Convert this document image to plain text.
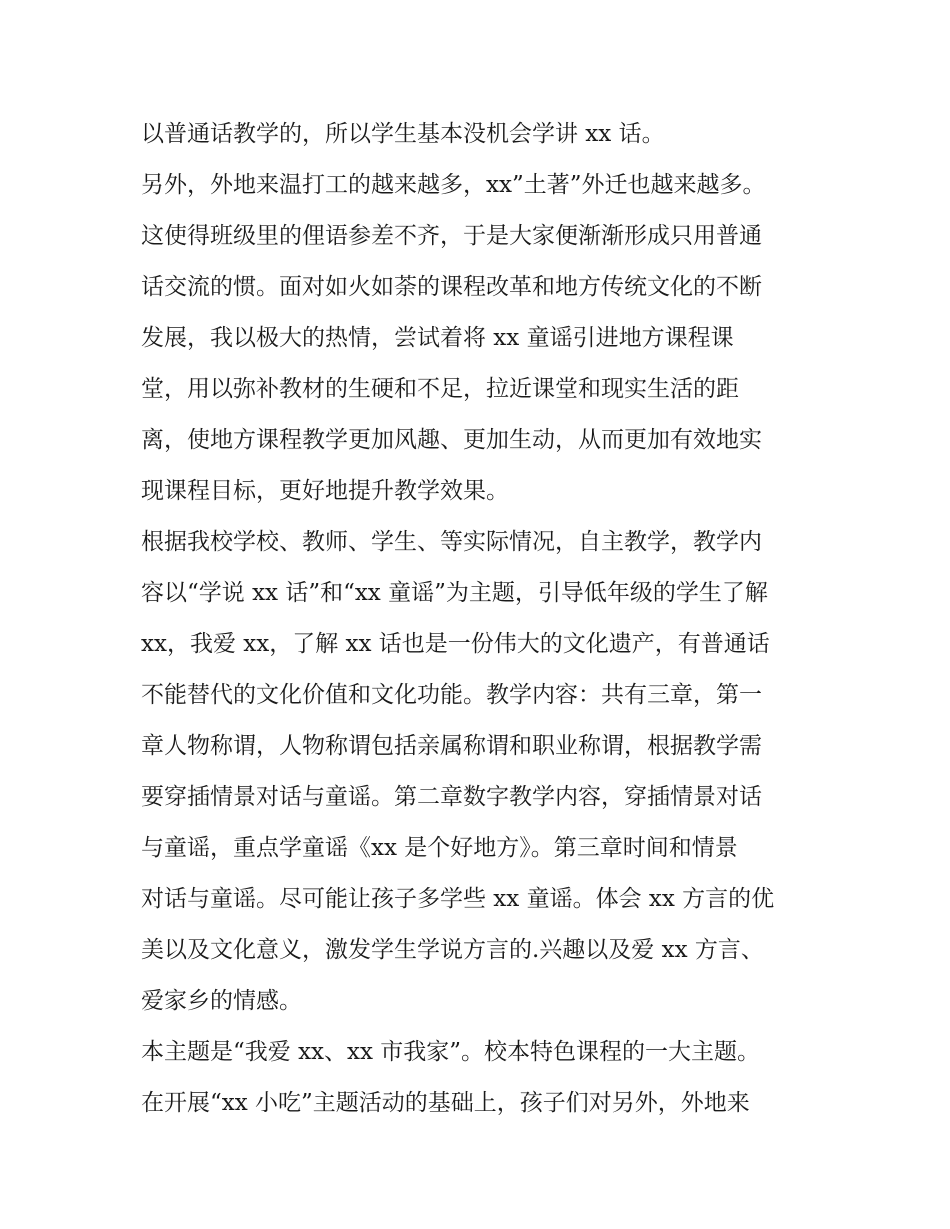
以普通话教学的，所以学生基本没机会学讲 xx 话。
另外，外地来温打工的越来越多，xx”土著”外迁也越来越多。
这使得班级里的俚语参差不齐，于是大家便渐渐形成只用普通
话交流的惯。面对如火如荼的课程改革和地方传统文化的不断
发展，我以极大的热情，尝试着将 xx 童谣引进地方课程课
堂，用以弥补教材的生硬和不足，拉近课堂和现实生活的距
离，使地方课程教学更加风趣、更加生动，从而更加有效地实
现课程目标，更好地提升教学效果。
根据我校学校、教师、学生、等实际情况，自主教学，教学内
容以“学说 xx 话”和“xx 童谣”为主题，引导低年级的学生了解
xx，我爱 xx，了解 xx 话也是一份伟大的文化遗产，有普通话
不能替代的文化价值和文化功能。教学内容：共有三章，第一
章人物称谓，人物称谓包括亲属称谓和职业称谓，根据教学需
要穿插情景对话与童谣。第二章数字教学内容，穿插情景对话
与童谣，重点学童谣《xx 是个好地方》。第三章时间和情景
对话与童谣。尽可能让孩子多学些 xx 童谣。体会 xx 方言的优
美以及文化意义，激发学生学说方言的.兴趣以及爱 xx 方言、
爱家乡的情感。
本主题是“我爱 xx、xx 市我家”。校本特色课程的一大主题。
在开展“xx 小吃”主题活动的基础上，孩子们对另外，外地来
